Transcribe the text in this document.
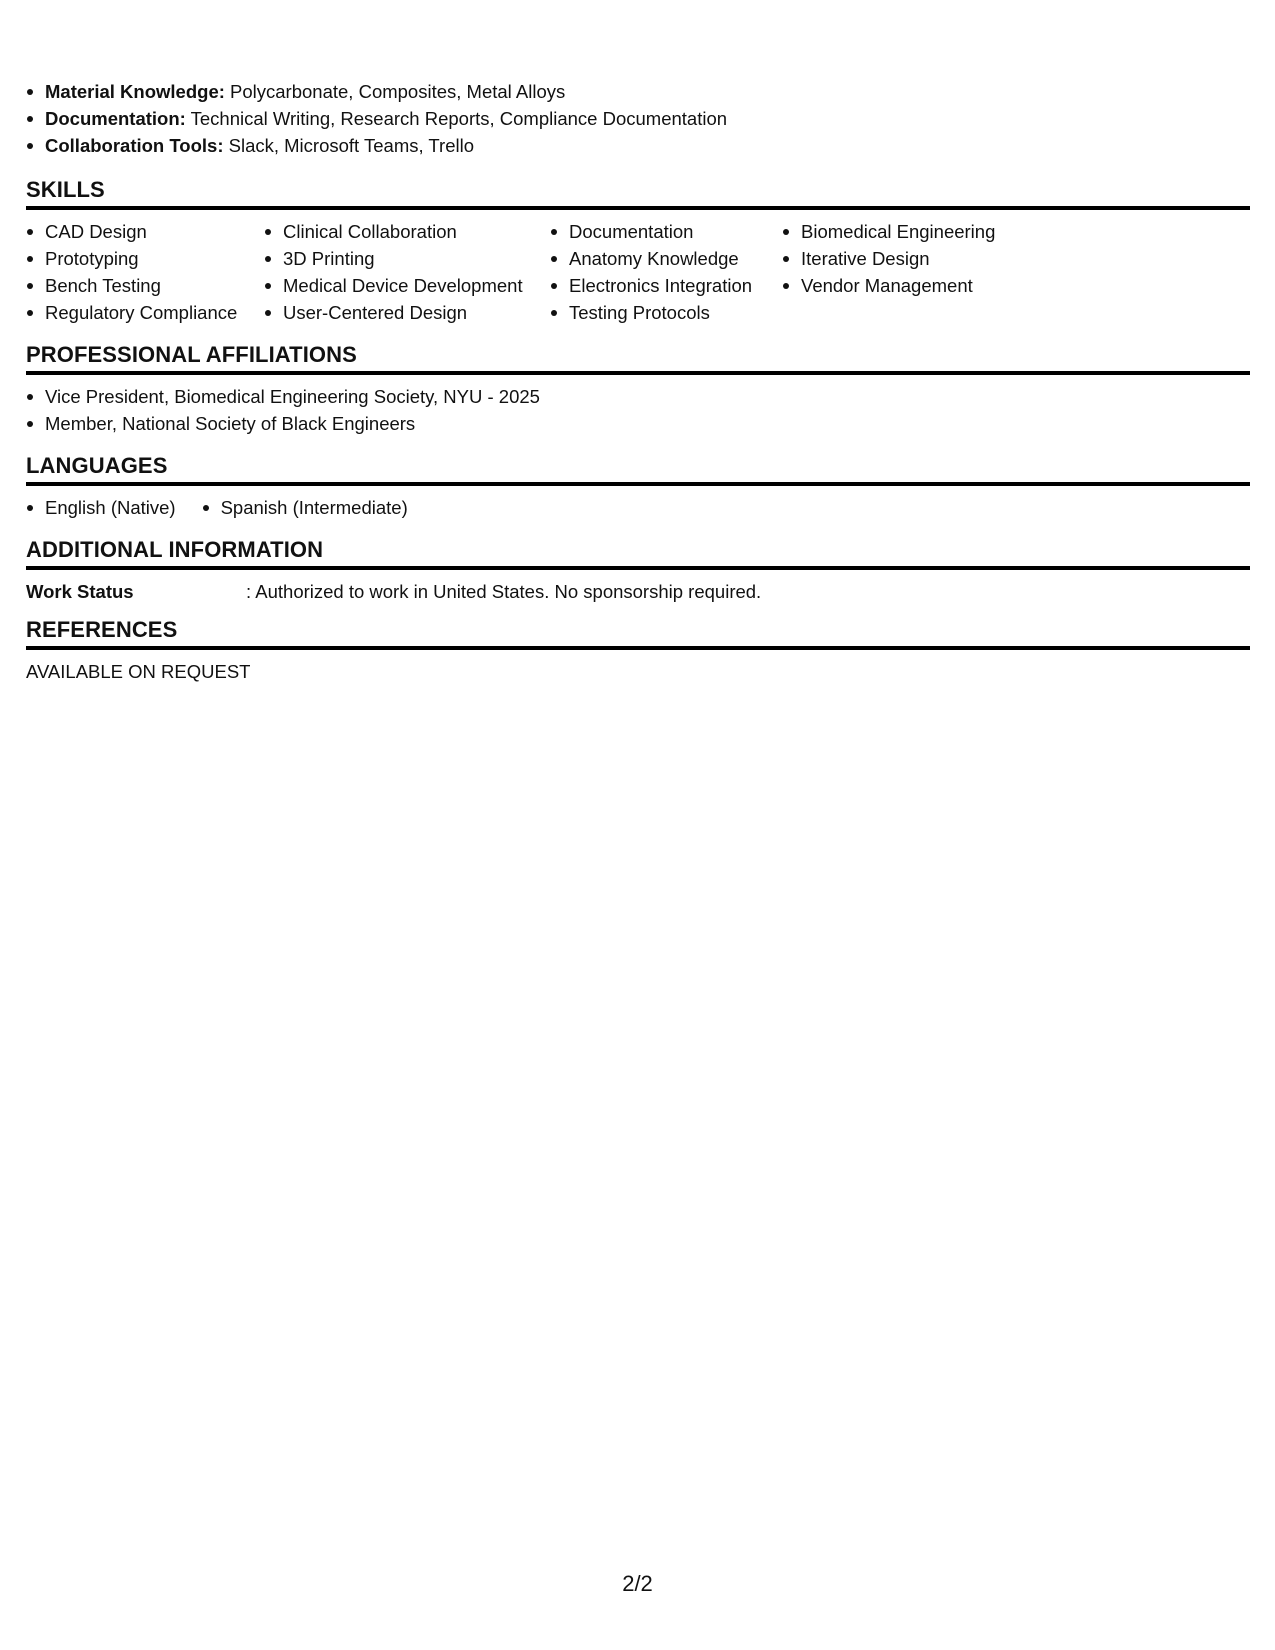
Material Knowledge: Polycarbonate, Composites, Metal Alloys
Documentation: Technical Writing, Research Reports, Compliance Documentation
Collaboration Tools: Slack, Microsoft Teams, Trello
SKILLS
CAD Design
Prototyping
Bench Testing
Regulatory Compliance
Clinical Collaboration
3D Printing
Medical Device Development
User-Centered Design
Documentation
Anatomy Knowledge
Electronics Integration
Testing Protocols
Biomedical Engineering
Iterative Design
Vendor Management
PROFESSIONAL AFFILIATIONS
Vice President, Biomedical Engineering Society, NYU - 2025
Member, National Society of Black Engineers
LANGUAGES
English (Native)	Spanish (Intermediate)
ADDITIONAL INFORMATION
Work Status	: Authorized to work in United States. No sponsorship required.
REFERENCES
AVAILABLE ON REQUEST
2/2
